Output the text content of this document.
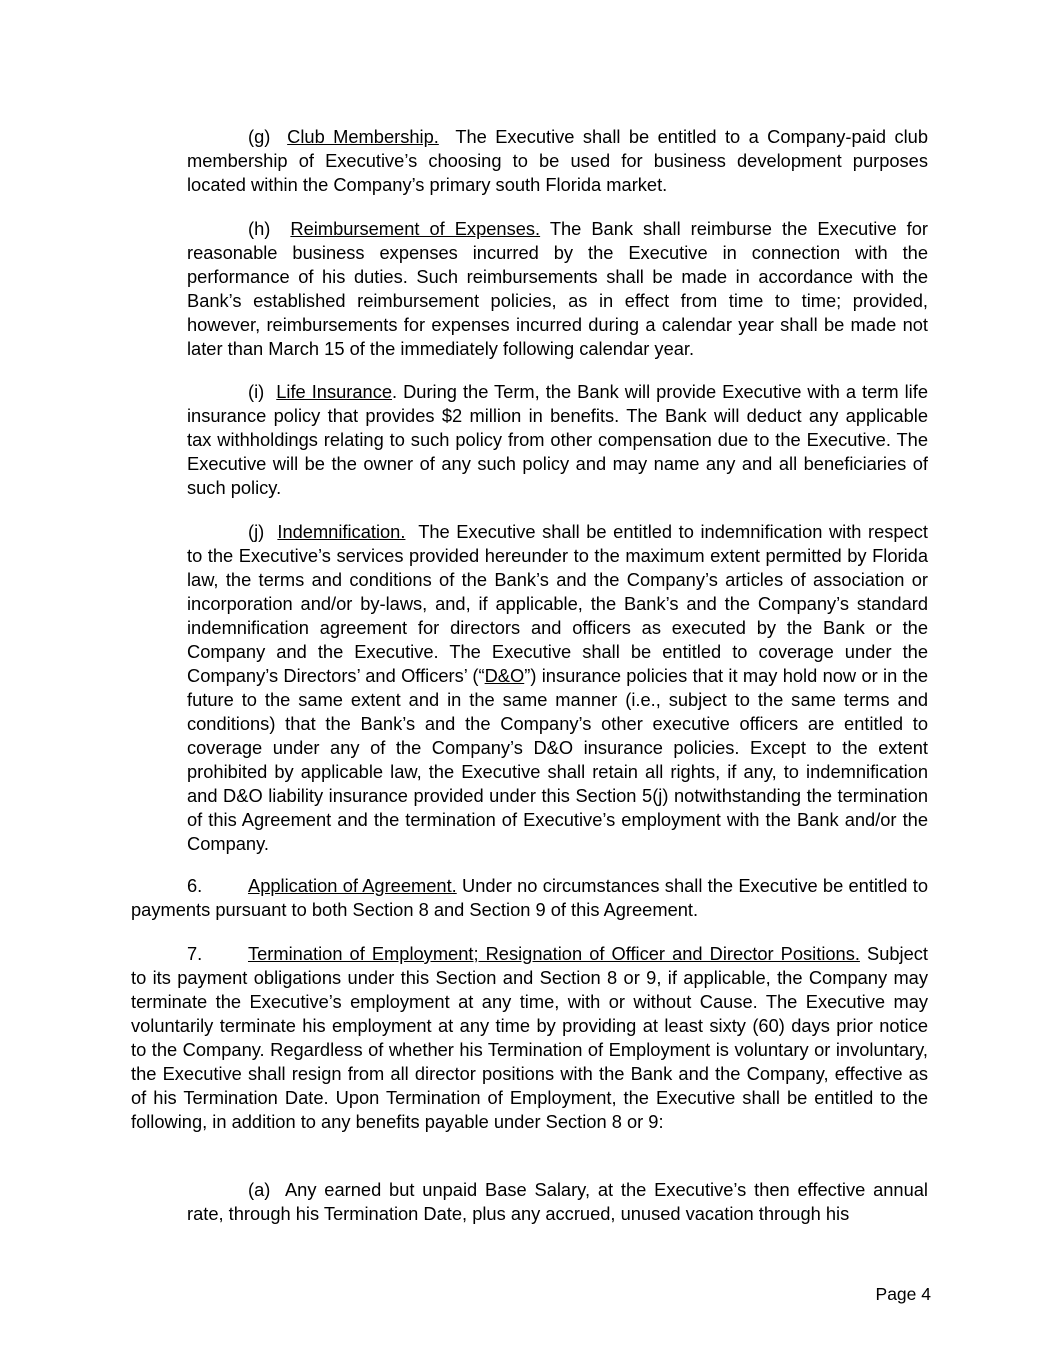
(g) Club Membership. The Executive shall be entitled to a Company-paid club membership of Executive’s choosing to be used for business development purposes located within the Company’s primary south Florida market.

(h) Reimbursement of Expenses. The Bank shall reimburse the Executive for reasonable business expenses incurred by the Executive in connection with the performance of his duties. Such reimbursements shall be made in accordance with the Bank’s established reimbursement policies, as in effect from time to time; provided, however, reimbursements for expenses incurred during a calendar year shall be made not later than March 15 of the immediately following calendar year.

(i) Life Insurance. During the Term, the Bank will provide Executive with a term life insurance policy that provides $2 million in benefits. The Bank will deduct any applicable tax withholdings relating to such policy from other compensation due to the Executive. The Executive will be the owner of any such policy and may name any and all beneficiaries of such policy.

(j) Indemnification. The Executive shall be entitled to indemnification with respect to the Executive’s services provided hereunder to the maximum extent permitted by Florida law, the terms and conditions of the Bank’s and the Company’s articles of association or incorporation and/or by-laws, and, if applicable, the Bank’s and the Company’s standard indemnification agreement for directors and officers as executed by the Bank or the Company and the Executive. The Executive shall be entitled to coverage under the Company’s Directors’ and Officers’ (“D&O”) insurance policies that it may hold now or in the future to the same extent and in the same manner (i.e., subject to the same terms and conditions) that the Bank’s and the Company’s other executive officers are entitled to coverage under any of the Company’s D&O insurance policies. Except to the extent prohibited by applicable law, the Executive shall retain all rights, if any, to indemnification and D&O liability insurance provided under this Section 5(j) notwithstanding the termination of this Agreement and the termination of Executive’s employment with the Bank and/or the Company.

6.	Application of Agreement. Under no circumstances shall the Executive be entitled to payments pursuant to both Section 8 and Section 9 of this Agreement.

7.	Termination of Employment; Resignation of Officer and Director Positions. Subject to its payment obligations under this Section and Section 8 or 9, if applicable, the Company may terminate the Executive’s employment at any time, with or without Cause. The Executive may voluntarily terminate his employment at any time by providing at least sixty (60) days prior notice to the Company. Regardless of whether his Termination of Employment is voluntary or involuntary, the Executive shall resign from all director positions with the Bank and the Company, effective as of his Termination Date. Upon Termination of Employment, the Executive shall be entitled to the following, in addition to any benefits payable under Section 8 or 9:

(a) Any earned but unpaid Base Salary, at the Executive’s then effective annual rate, through his Termination Date, plus any accrued, unused vacation through his

Page 4
